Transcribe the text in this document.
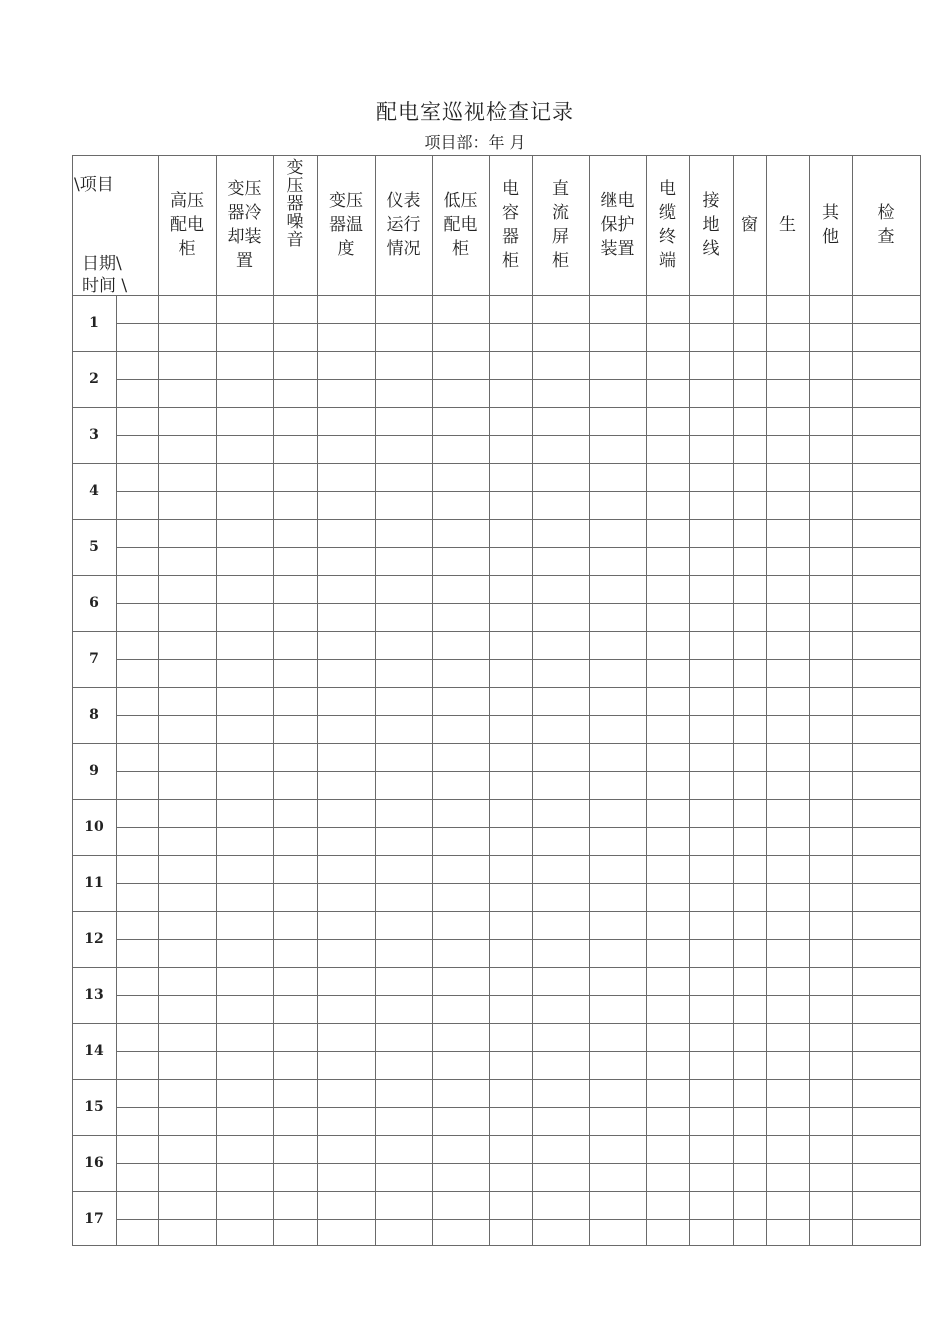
配电室巡视检查记录
项目部：年 月
1
2
3
4
5
6
7
8
9
10
11
12
13
14
15
16
17
\项目
日期\
时间 \
高压
配电
柜
变压
器冷
却装
置
变
压
器
噪
音
变压
器温
度
仪表
运行
情况
低压
配电
柜
电
容
器
柜
直
流
屏
柜
继电
保护
装置
电
缆
终
端
接
地
线
窗 生
其
他
检
查
